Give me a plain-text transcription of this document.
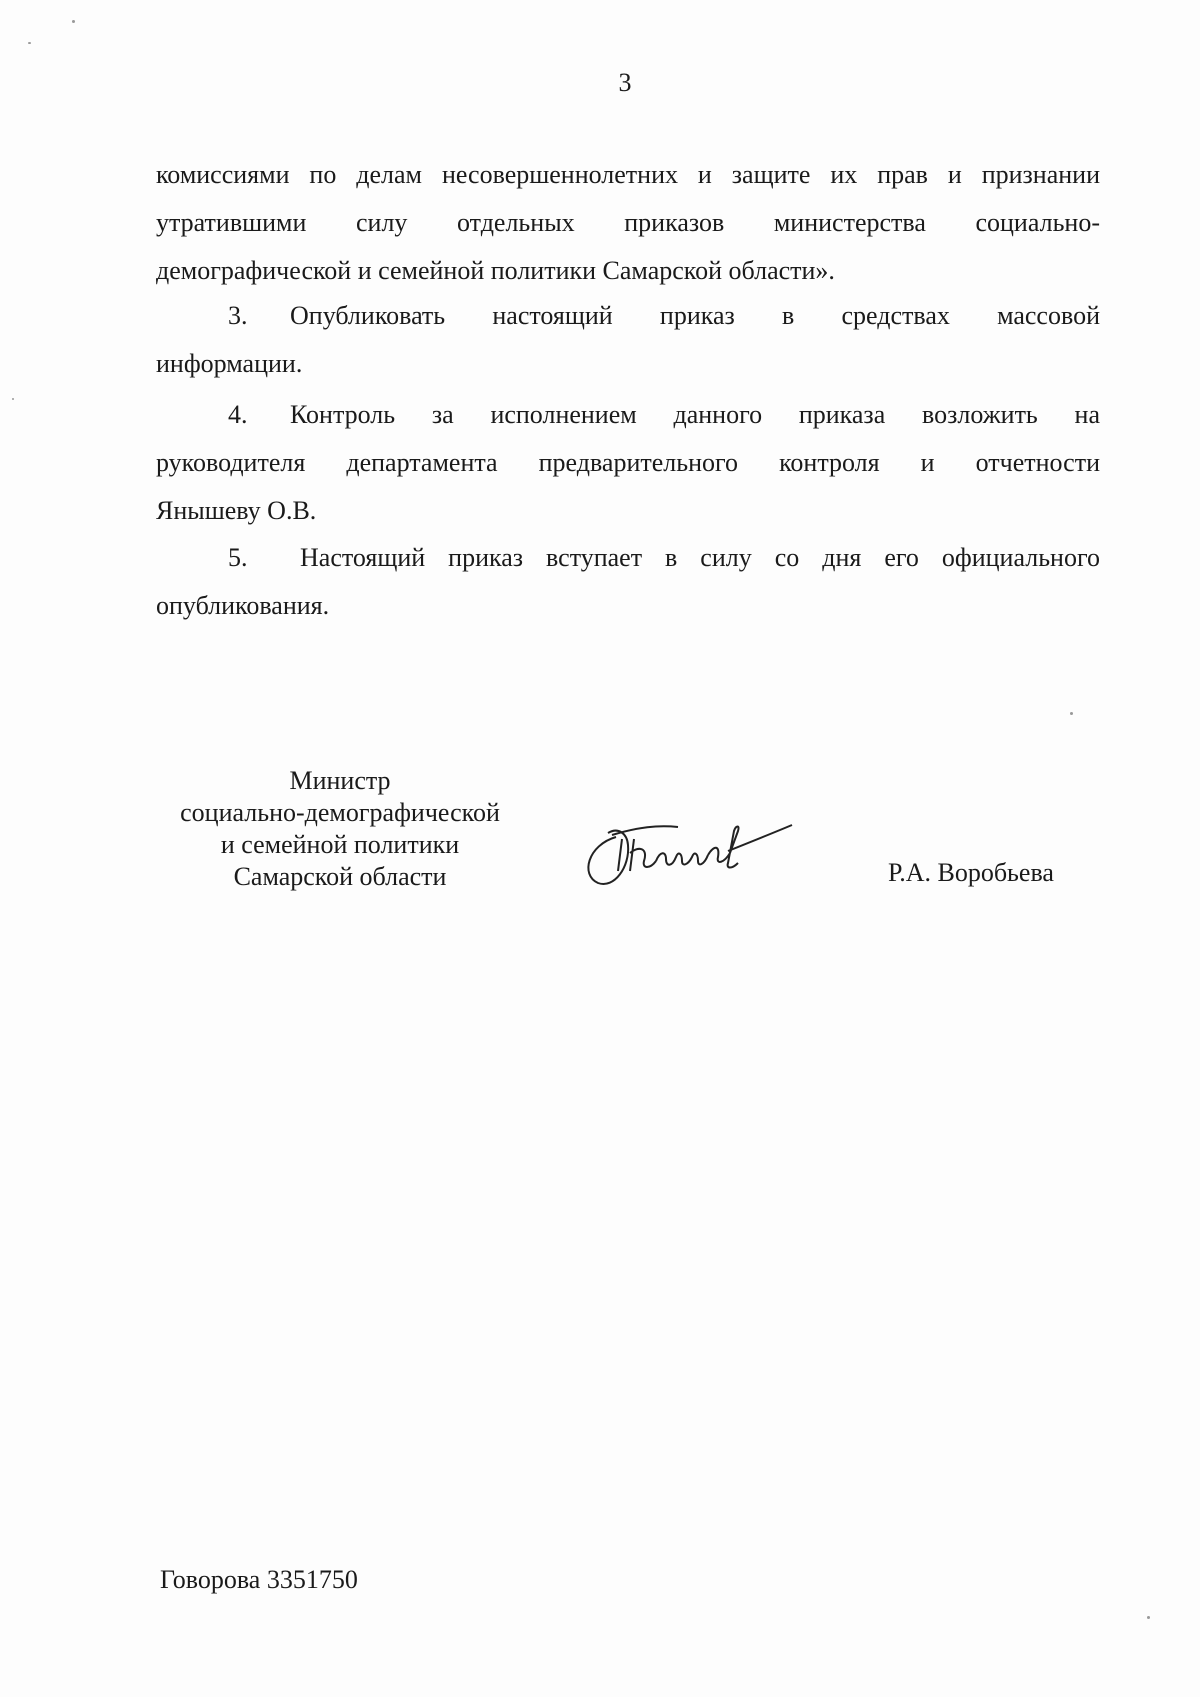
3
комиссиями по делам несовершеннолетних и защите их прав и признании
утратившими силу отдельных приказов министерства социально-
демографической и семейной политики Самарской области».
3. Опубликовать настоящий приказ в средствах массовой
информации.
4. Контроль за исполнением данного приказа возложить на
руководителя департамента предварительного контроля и отчетности
Янышеву О.В.
5. Настоящий приказ вступает в силу со дня его официального
опубликования.
Министр
социально-демографической
и семейной политики
Самарской области	Р.А. Воробьева
Говорова 3351750
